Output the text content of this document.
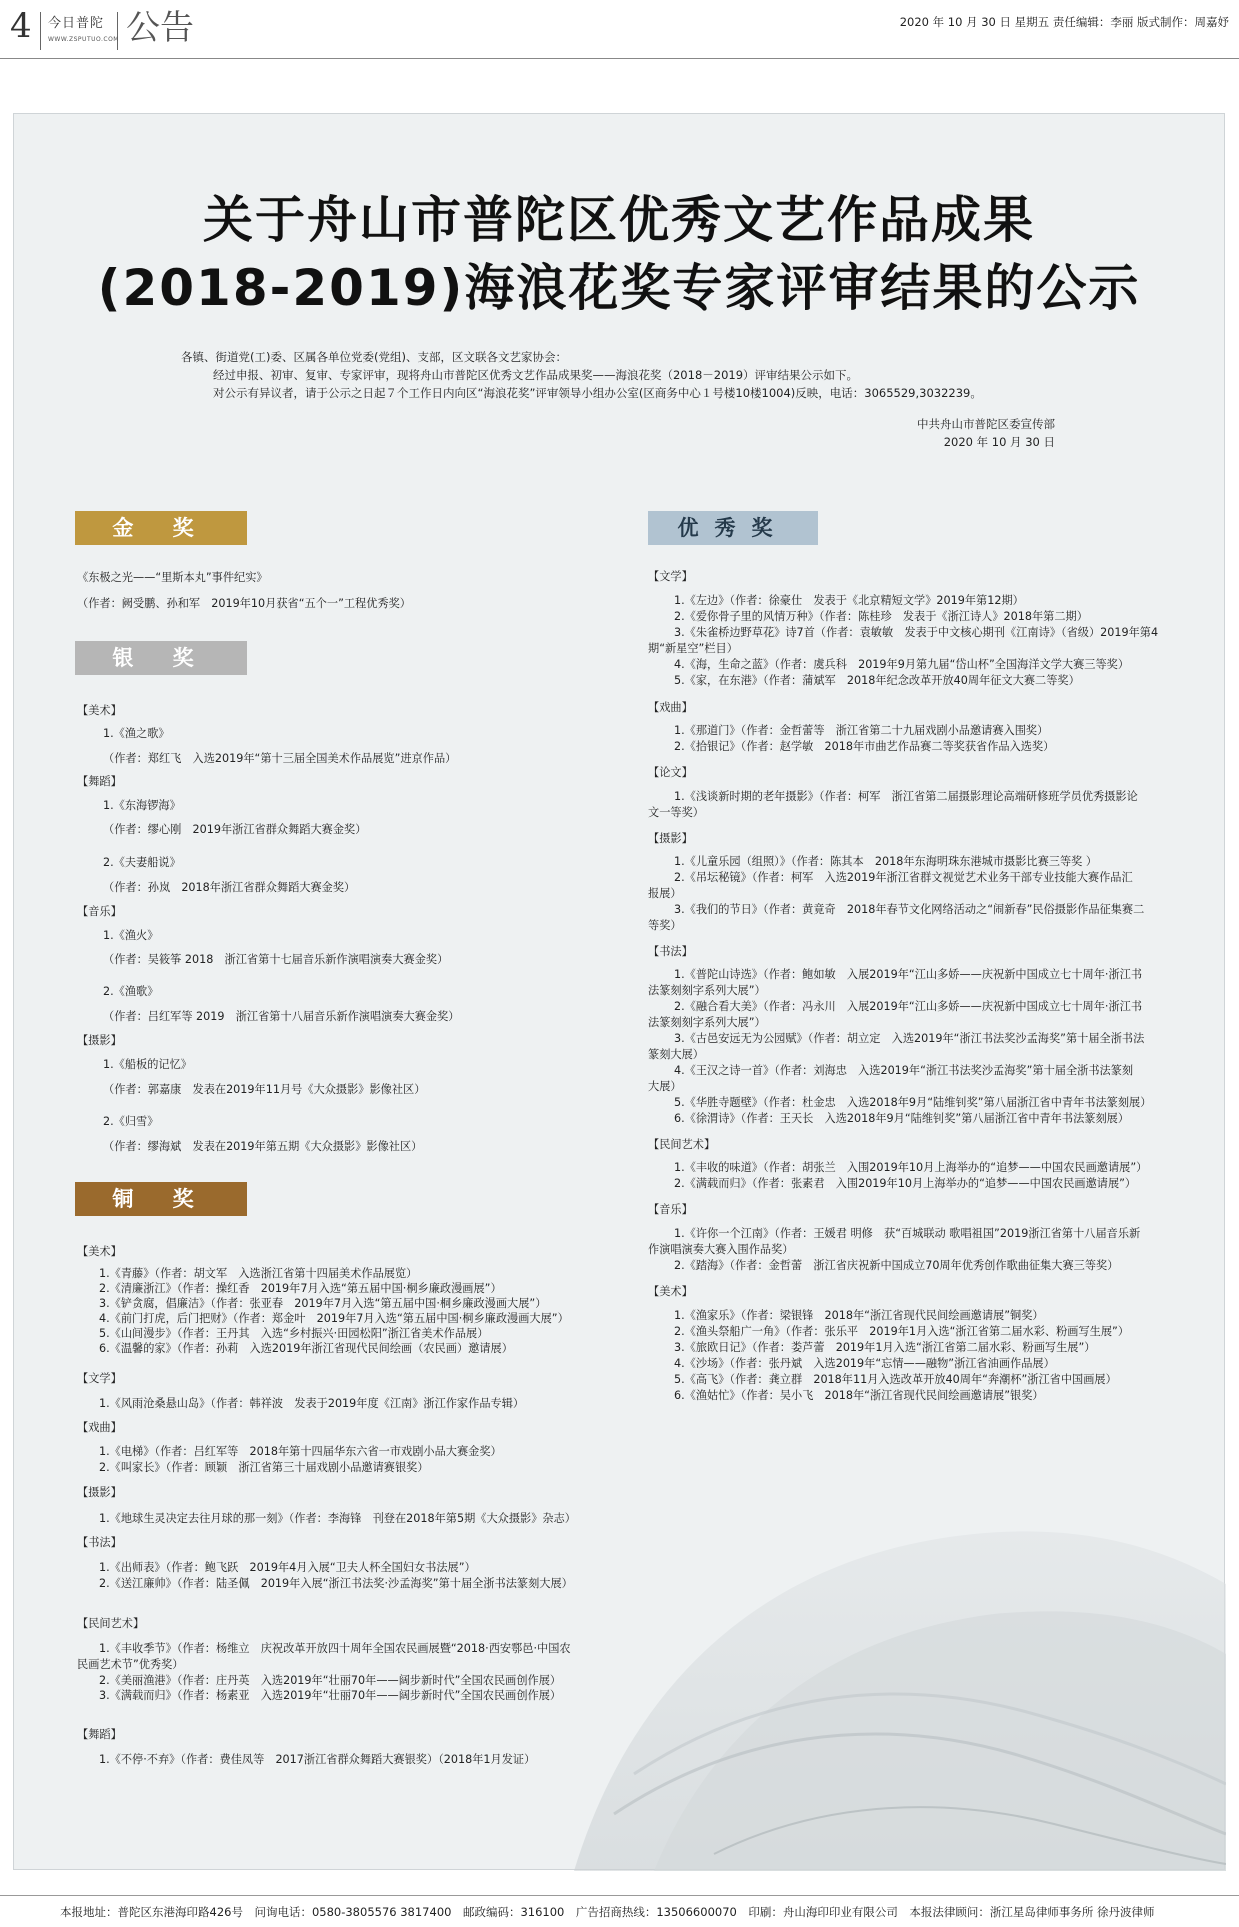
4 今日普陀
WWW.ZSPUTUO.COM 公告	2020 年 10 月 30 日 星期五 责任编辑：李丽 版式制作：周嘉妤
关于舟山市普陀区优秀文艺作品成果
(2018-2019)海浪花奖专家评审结果的公示
各镇、街道党(工)委、区属各单位党委(党组)、支部，区文联各文艺家协会：
经过申报、初审、复审、专家评审，现将舟山市普陀区优秀文艺作品成果奖——海浪花奖（2018－2019）评审结果公示如下。
对公示有异议者，请于公示之日起７个工作日内向区“海浪花奖”评审领导小组办公室(区商务中心１号楼10楼1004)反映，电话：3065529,3032239。
中共舟山市普陀区委宣传部
2020 年 10 月 30 日
金 奖
银 奖
铜 奖
优秀奖
《东极之光——“里斯本丸”事件纪实》
（作者：阙受鹏、孙和军　2019年10月获省“五个一”工程优秀奖）
【美术】
1.《渔之歌》
（作者：郑红飞　入选2019年“第十三届全国美术作品展览”进京作品）
【舞蹈】
1.《东海锣海》
（作者：缪心刚　2019年浙江省群众舞蹈大赛金奖）
2.《夫妻船说》
（作者：孙岚　2018年浙江省群众舞蹈大赛金奖）
【音乐】
1.《渔火》
（作者：吴筱筝 2018　浙江省第十七届音乐新作演唱演奏大赛金奖）
2.《渔歌》
（作者：吕红军等 2019　浙江省第十八届音乐新作演唱演奏大赛金奖）
【摄影】
1.《船板的记忆》
（作者：郭嘉康　发表在2019年11月号《大众摄影》影像社区）
2.《归雪》
（作者：缪海斌　发表在2019年第五期《大众摄影》影像社区）
【美术】
1.《青藤》（作者：胡文军　入选浙江省第十四届美术作品展览）
2.《清廉浙江》（作者：操红香　2019年7月入选“第五届中国·桐乡廉政漫画展”）
3.《铲贪腐，倡廉洁》（作者：张亚春　2019年7月入选“第五届中国·桐乡廉政漫画大展”）
4.《前门打虎，后门把财》（作者：郑金叶　2019年7月入选“第五届中国·桐乡廉政漫画大展”）
5.《山间漫步》（作者：王丹其　入选“乡村振兴·田园松阳”浙江省美术作品展）
6.《温馨的家》（作者：孙莉　入选2019年浙江省现代民间绘画（农民画）邀请展）
【文学】
1.《风雨沧桑悬山岛》（作者：韩祥波　发表于2019年度《江南》浙江作家作品专辑）
【戏曲】
1.《电梯》（作者：吕红军等　2018年第十四届华东六省一市戏剧小品大赛金奖）
2.《叫家长》（作者：顾颖　浙江省第三十届戏剧小品邀请赛银奖）
【摄影】
1.《地球生灵决定去往月球的那一刻》（作者：李海锋　刊登在2018年第5期《大众摄影》杂志）
【书法】
1.《出师表》（作者：鲍飞跃　2019年4月入展“卫夫人杯全国妇女书法展”）
2.《送江廉帅》（作者：陆圣佩　2019年入展“浙江书法奖·沙孟海奖”第十届全浙书法篆刻大展）
【民间艺术】
1.《丰收季节》（作者：杨维立　庆祝改革开放四十周年全国农民画展暨“2018·西安鄠邑·中国农
民画艺术节”优秀奖）
2.《美丽渔港》（作者：庄丹英　入选2019年“壮丽70年——阔步新时代”全国农民画创作展）
3.《满载而归》（作者：杨素亚　入选2019年“壮丽70年——阔步新时代”全国农民画创作展）
【舞蹈】
1.《不停·不弃》（作者：费佳凤等　2017浙江省群众舞蹈大赛银奖）（2018年1月发证）
【文学】
1.《左边》（作者：徐豪仕　发表于《北京精短文学》2019年第12期）
2.《爱你骨子里的风情万种》（作者：陈桂珍　发表于《浙江诗人》2018年第二期）
3.《朱雀桥边野草花》诗7首（作者：袁敏敏　发表于中文核心期刊《江南诗》（省级）2019年第4
期“新星空”栏目）
4.《海，生命之蓝》（作者：虞兵科　2019年9月第九届“岱山杯”全国海洋文学大赛三等奖）
5.《家，在东港》（作者：蒲斌军　2018年纪念改革开放40周年征文大赛二等奖）
【戏曲】
1.《那道门》（作者：金哲蕾等　浙江省第二十九届戏剧小品邀请赛入围奖）
2.《拾银记》（作者：赵学敏　2018年市曲艺作品赛二等奖获省作品入选奖）
【论文】
1.《浅谈新时期的老年摄影》（作者：柯军　浙江省第二届摄影理论高端研修班学员优秀摄影论
文一等奖）
【摄影】
1.《儿童乐园（组照）》（作者：陈其本　2018年东海明珠东港城市摄影比赛三等奖 ）
2.《吊坛秘镜》（作者：柯军　入选2019年浙江省群文视觉艺术业务干部专业技能大赛作品汇
报展）
3.《我们的节日》（作者：黄竟奇　2018年春节文化网络活动之“闹新春”民俗摄影作品征集赛二
等奖）
【书法】
1.《普陀山诗选》（作者：鲍如敏　入展2019年“江山多娇——庆祝新中国成立七十周年·浙江书
法篆刻刻字系列大展”）
2.《融合看大美》（作者：冯永川　入展2019年“江山多娇——庆祝新中国成立七十周年·浙江书
法篆刻刻字系列大展”）
3.《古邑安远无为公园赋》（作者：胡立定　入选2019年“浙江书法奖沙孟海奖”第十届全浙书法
篆刻大展）
4.《王汉之诗一首》（作者：刘海忠　入选2019年“浙江书法奖沙孟海奖”第十届全浙书法篆刻
大展）
5.《华胜寺题壁》（作者：杜金忠　入选2018年9月“陆维钊奖”第八届浙江省中青年书法篆刻展）
6.《徐渭诗》（作者：王天长　入选2018年9月“陆维钊奖”第八届浙江省中青年书法篆刻展）
【民间艺术】
1.《丰收的味道》（作者：胡张兰　入围2019年10月上海举办的“追梦——中国农民画邀请展”）
2.《满载而归》（作者：张素君　入围2019年10月上海举办的“追梦——中国农民画邀请展”）
【音乐】
1.《许你一个江南》（作者：王媛君 明修　获“百城联动 歌唱祖国”2019浙江省第十八届音乐新
作演唱演奏大赛入围作品奖）
2.《踏海》（作者：金哲蕾　浙江省庆祝新中国成立70周年优秀创作歌曲征集大赛三等奖）
【美术】
1.《渔家乐》（作者：梁银锋　2018年“浙江省现代民间绘画邀请展”铜奖）
2.《渔头祭船广一角》（作者：张乐平　2019年1月入选“浙江省第二届水彩、粉画写生展”）
3.《旅欧日记》（作者：娄芦蕾　2019年1月入选“浙江省第二届水彩、粉画写生展”）
4.《沙场》（作者：张丹斌　入选2019年“忘情——融物”浙江省油画作品展）
5.《高飞》（作者：龚立群　2018年11月入选改革开放40周年“奔潮杯”浙江省中国画展）
6.《渔姑忙》（作者：吴小飞　2018年“浙江省现代民间绘画邀请展”银奖）
本报地址：普陀区东港海印路426号　问询电话：0580-3805576 3817400　邮政编码：316100　广告招商热线：13506600070　印刷：舟山海印印业有限公司　本报法律顾问：浙江星岛律师事务所 徐丹波律师
